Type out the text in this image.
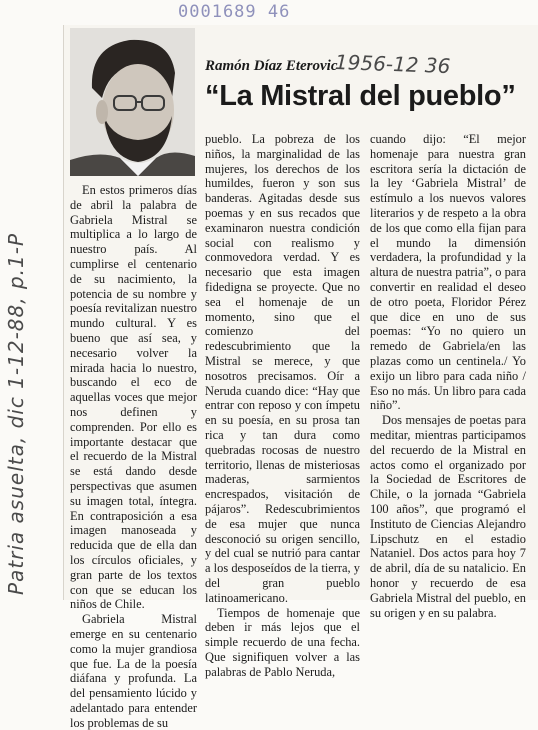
0001689 46
1956-12 36
Patria asuelta, dic 1-12-88, p.1-P
Ramón Díaz Eterovic
“La Mistral del pueblo”

En estos primeros días de abril la palabra de Gabriela Mistral se multiplica a lo largo de nuestro país. Al cumplirse el centenario de su nacimiento, la potencia de su nombre y poesía revitalizan nuestro mundo cultural. Y es bueno que así sea, y necesario volver la mirada hacia lo nuestro, buscando el eco de aquellas voces que mejor nos definen y comprenden. Por ello es importante destacar que el recuerdo de la Mistral se está dando desde perspectivas que asumen su imagen total, íntegra. En contraposición a esa imagen manoseada y reducida que de ella dan los círculos oficiales, y gran parte de los textos con que se educan los niños de Chile.

Gabriela Mistral emerge en su centenario como la mujer grandiosa que fue. La de la poesía diáfana y profunda. La del pensamiento lúcido y adelantado para entender los problemas de su

pueblo. La pobreza de los niños, la marginalidad de las mujeres, los derechos de los humildes, fueron y son sus banderas. Agitadas desde sus poemas y en sus recados que examinaron nuestra condición social con realismo y conmovedora verdad. Y es necesario que esta imagen fidedigna se proyecte. Que no sea el homenaje de un momento, sino que el comienzo del redescubrimiento que la Mistral se merece, y que nosotros precisamos. Oír a Neruda cuando dice: “Hay que entrar con reposo y con ímpetu en su poesía, en su prosa tan rica y tan dura como quebradas rocosas de nuestro territorio, llenas de misteriosas maderas, sarmientos encrespados, visitación de pájaros”. Redescubrimientos de esa mujer que nunca desconoció su origen sencillo, y del cual se nutrió para cantar a los desposeídos de la tierra, y del gran pueblo latinoamericano.

Tiempos de homenaje que deben ir más lejos que el simple recuerdo de una fecha. Que signifiquen volver a las palabras de Pablo Neruda,

cuando dijo: “El mejor homenaje para nuestra gran escritora sería la dictación de la ley ‘Gabriela Mistral’ de estímulo a los nuevos valores literarios y de respeto a la obra de los que como ella fijan para el mundo la dimensión verdadera, la profundidad y la altura de nuestra patria”, o para convertir en realidad el deseo de otro poeta, Floridor Pérez que dice en uno de sus poemas: “Yo no quiero un remedo de Gabriela/en las plazas como un centinela./ Yo exijo un libro para cada niño / Eso no más. Un libro para cada niño”.

Dos mensajes de poetas para meditar, mientras participamos del recuerdo de la Mistral en actos como el organizado por la Sociedad de Escritores de Chile, o la jornada “Gabriela 100 años”, que programó el Instituto de Ciencias Alejandro Lipschutz en el estadio Nataniel. Dos actos para hoy 7 de abril, día de su natalicio. En honor y recuerdo de esa Gabriela Mistral del pueblo, en su origen y en su palabra.
